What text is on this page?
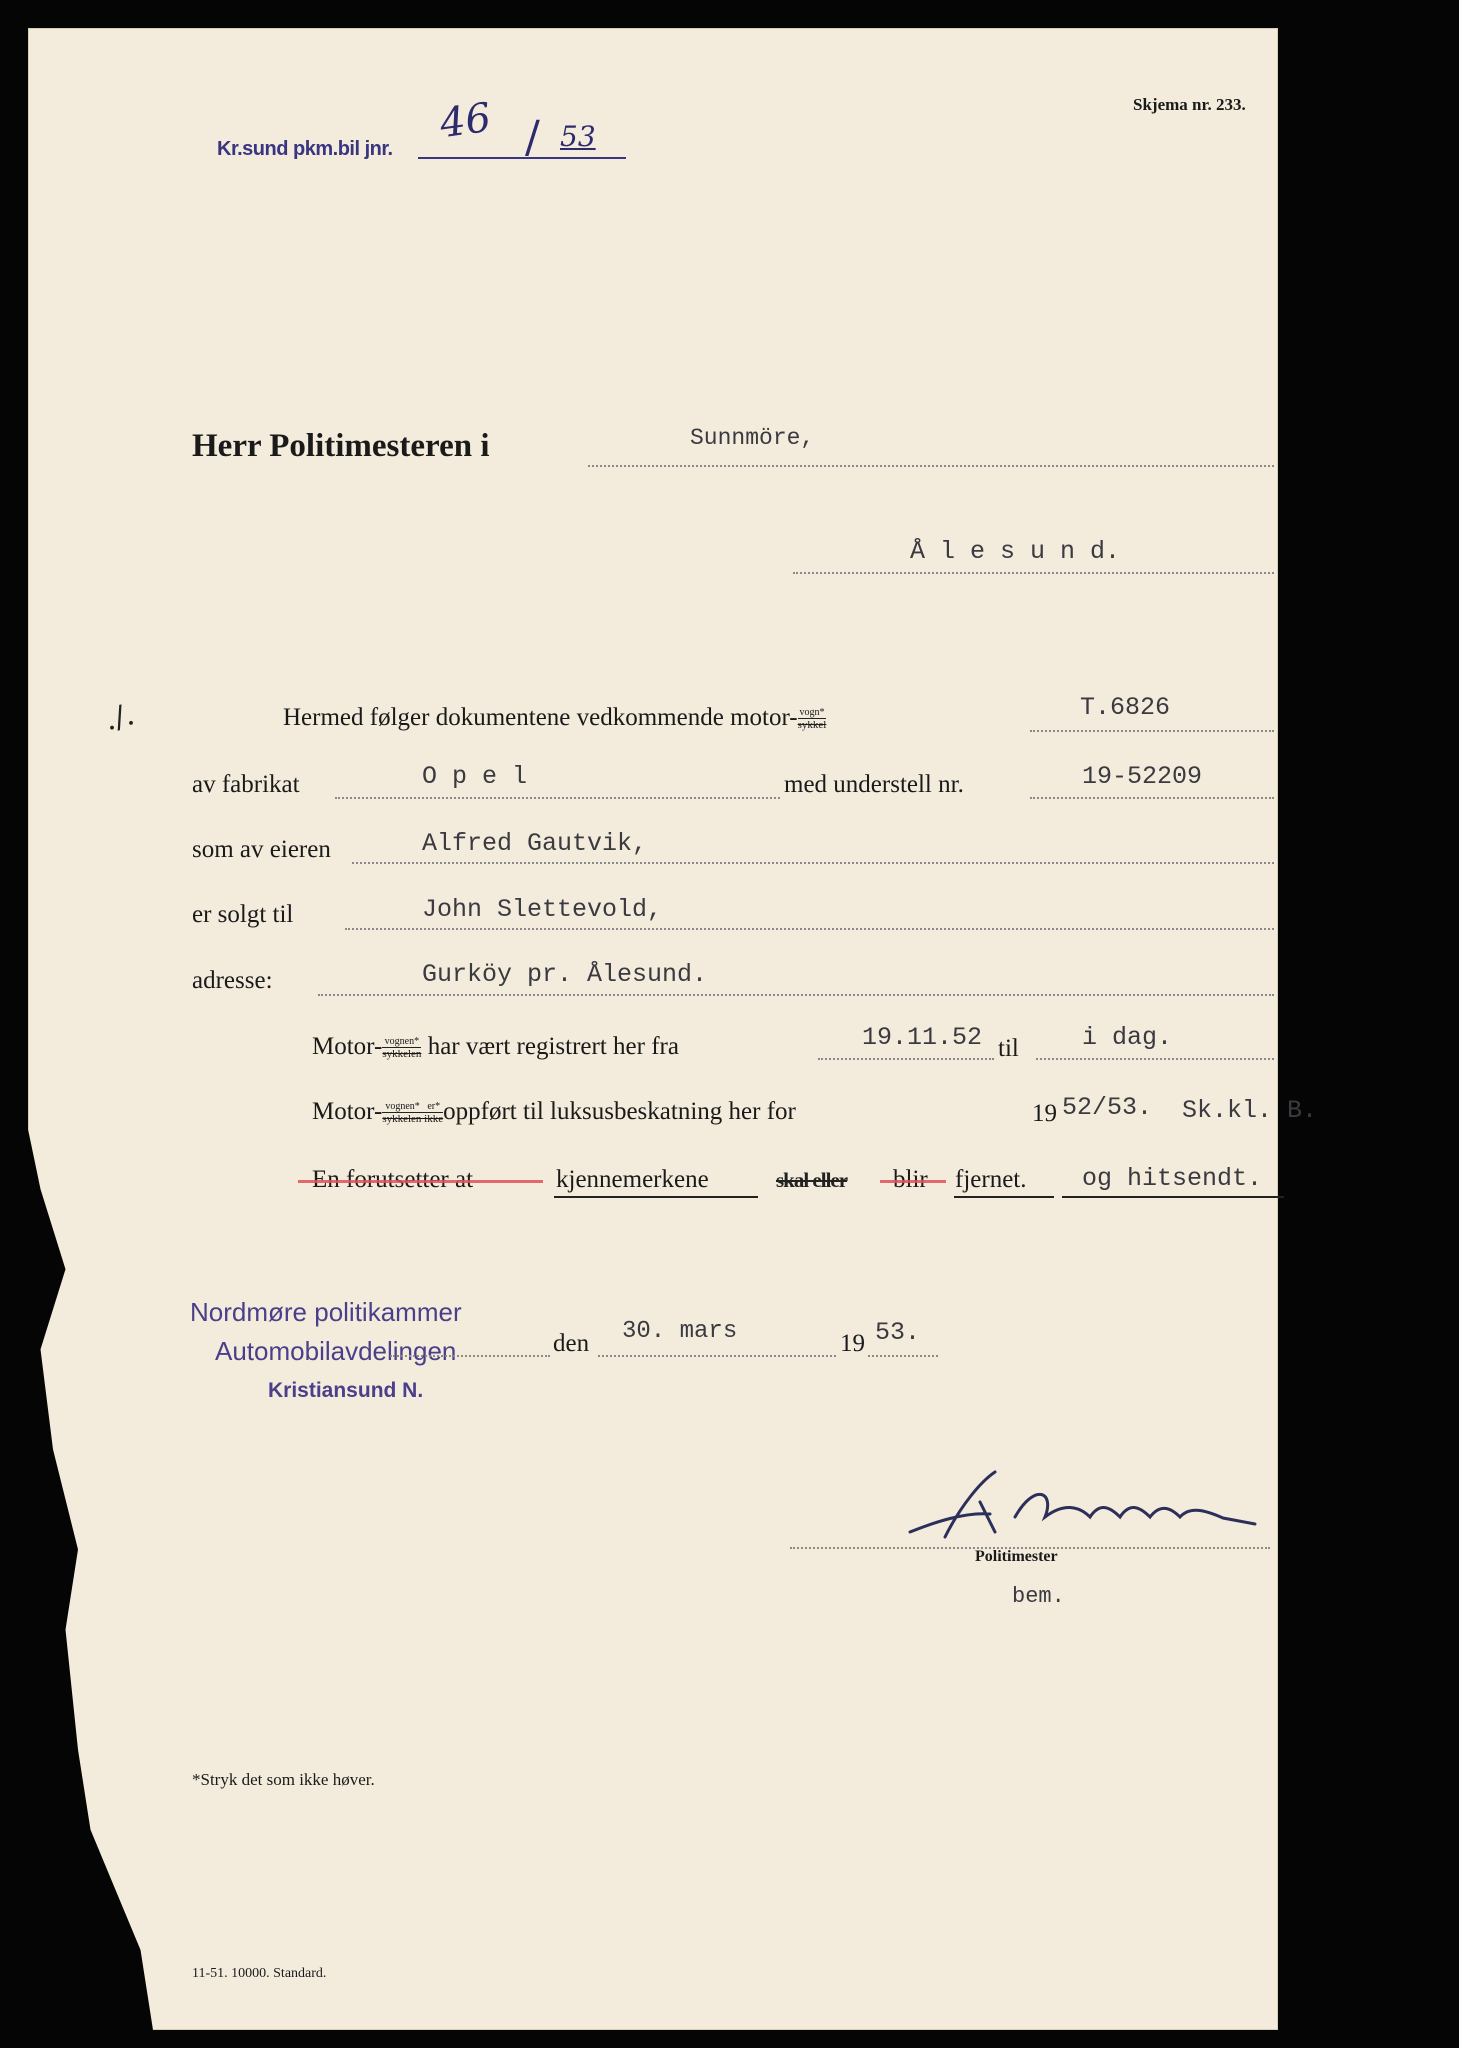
Skjema nr. 233.
Kr.sund pkm.bil jnr.
46 / 53
Herr Politimesteren i	Sunnmöre,
Å l e s u n d.
./.	Hermed følger dokumentene vedkommende motor- vogn*
sykkel
T.6826
av fabrikat	O p e l	med understell nr.	19-52209
som av eieren	Alfred Gautvik,
er solgt til	John Slettevold,
adresse:	Gurköy pr. Ålesund.
Motor- vognen*
sykkelen har vært registrert her fra	19.11.52 til	i dag.
Motor- vognen* er*
sykkelen ikke oppført til luksusbeskatning her for	19 52/53. Sk.kl. B.
kjennemerkene	skal eller	fjernet. og hitsendt.
Nordmøre politikammer
Automobilavdelingen
Kristiansund N.
den 30. mars	19 53.
Politimester
bem.
*Stryk det som ikke høver.
11-51. 10000. Standard.
